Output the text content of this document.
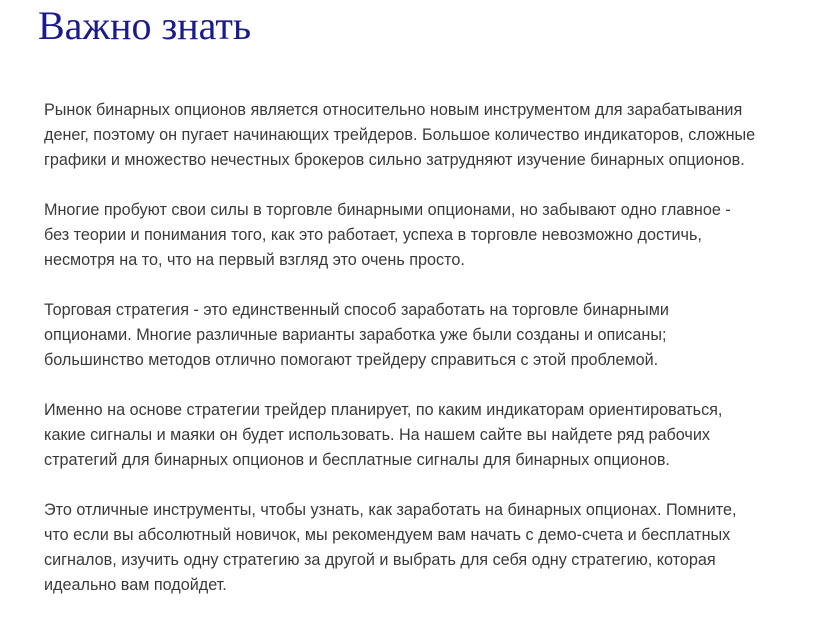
Важно знать

Рынок бинарных опционов является относительно новым инструментом для зарабатывания
денег, поэтому он пугает начинающих трейдеров. Большое количество индикаторов, сложные
графики и множество нечестных брокеров сильно затрудняют изучение бинарных опционов.

Многие пробуют свои силы в торговле бинарными опционами, но забывают одно главное -
без теории и понимания того, как это работает, успеха в торговле невозможно достичь,
несмотря на то, что на первый взгляд это очень просто.

Торговая стратегия - это единственный способ заработать на торговле бинарными
опционами. Многие различные варианты заработка уже были созданы и описаны;
большинство методов отлично помогают трейдеру справиться с этой проблемой.

Именно на основе стратегии трейдер планирует, по каким индикаторам ориентироваться,
какие сигналы и маяки он будет использовать. На нашем сайте вы найдете ряд рабочих
стратегий для бинарных опционов и бесплатные сигналы для бинарных опционов.

Это отличные инструменты, чтобы узнать, как заработать на бинарных опционах. Помните,
что если вы абсолютный новичок, мы рекомендуем вам начать с демо-счета и бесплатных
сигналов, изучить одну стратегию за другой и выбрать для себя одну стратегию, которая
идеально вам подойдет.
